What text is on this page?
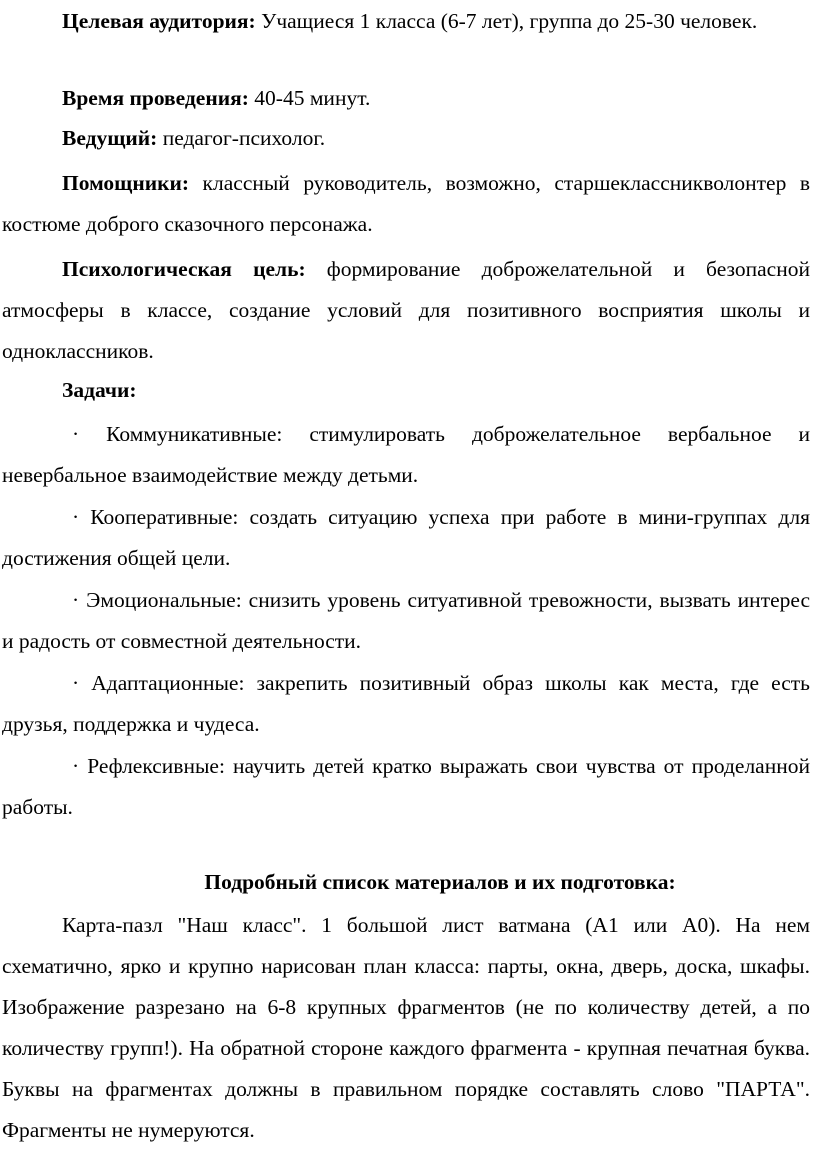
Целевая аудитория: Учащиеся 1 класса (6-7 лет), группа до 25-30 человек.

Время проведения: 40-45 минут.

Ведущий: педагог-психолог.

Помощники: классный руководитель, возможно, старшеклассникволонтер в костюме доброго сказочного персонажа.

Психологическая цель: формирование доброжелательной и безопасной атмосферы в классе, создание условий для позитивного восприятия школы и одноклассников.

Задачи:

· Коммуникативные: стимулировать доброжелательное вербальное и невербальное взаимодействие между детьми.

· Кооперативные: создать ситуацию успеха при работе в мини-группах для достижения общей цели.

· Эмоциональные: снизить уровень ситуативной тревожности, вызвать интерес и радость от совместной деятельности.

· Адаптационные: закрепить позитивный образ школы как места, где есть друзья, поддержка и чудеса.

· Рефлексивные: научить детей кратко выражать свои чувства от проделанной работы.

Подробный список материалов и их подготовка:

Карта-пазл "Наш класс". 1 большой лист ватмана (А1 или А0). На нем схематично, ярко и крупно нарисован план класса: парты, окна, дверь, доска, шкафы. Изображение разрезано на 6-8 крупных фрагментов (не по количеству детей, а по количеству групп!). На обратной стороне каждого фрагмента - крупная печатная буква. Буквы на фрагментах должны в правильном порядке составлять слово "ПАРТА". Фрагменты не нумеруются.
